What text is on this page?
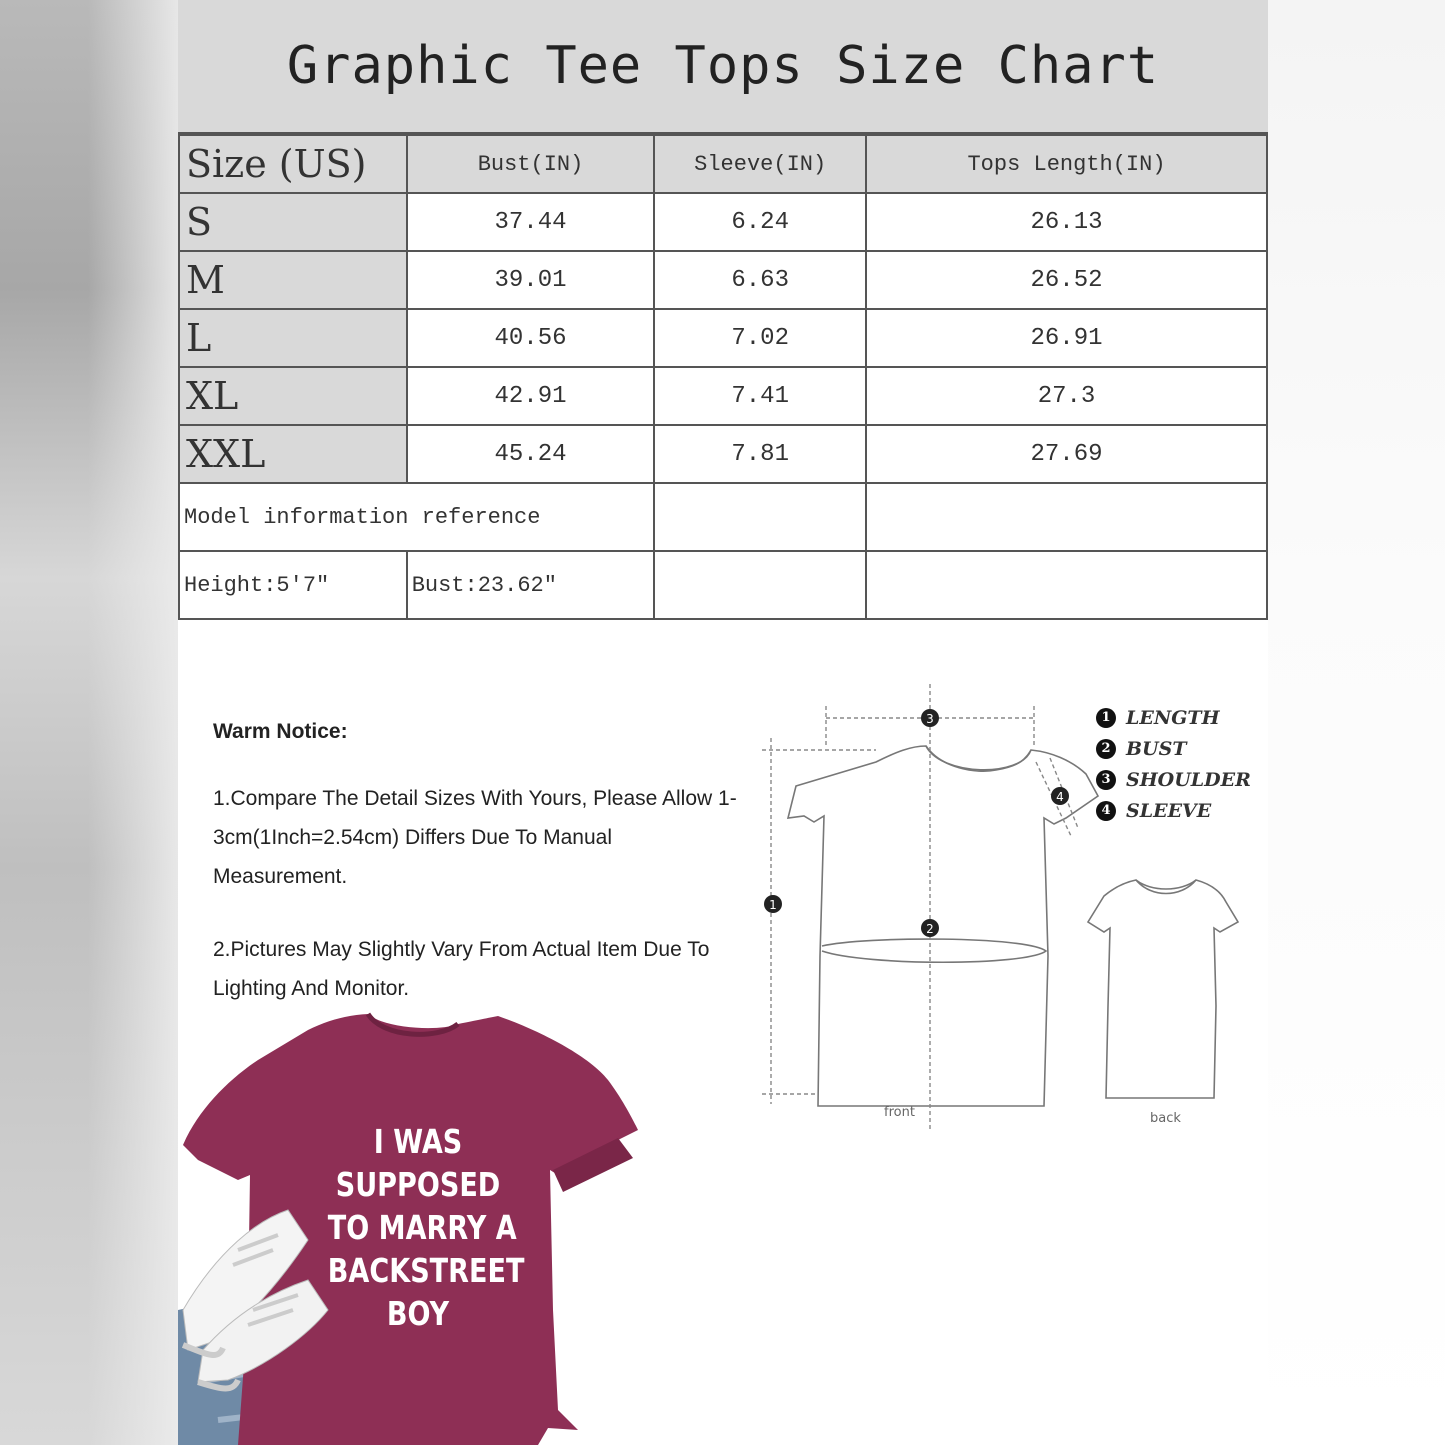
Graphic Tee Tops Size Chart
Size (US)	Bust(IN)	Sleeve(IN)	Tops Length(IN)
S	37.44	6.24	26.13
M	39.01	6.63	26.52
L	40.56	7.02	26.91
XL	42.91	7.41	27.3
XXL	45.24	7.81	27.69
Model information reference			
Height:5'7"	Bust:23.62"		
Warm Notice:

1.Compare The Detail Sizes With Yours, Please Allow 1-3cm(1Inch=2.54cm) Differs Due To Manual Measurement.

2.Pictures May Slightly Vary From Actual Item Due To Lighting And Monitor.

3
2
1
4
front	back
1 LENGTH
2 BUST
3 SHOULDER
4 SLEEVE
I WAS
SUPPOSED
TO MARRY A
BACKSTREET
BOY
